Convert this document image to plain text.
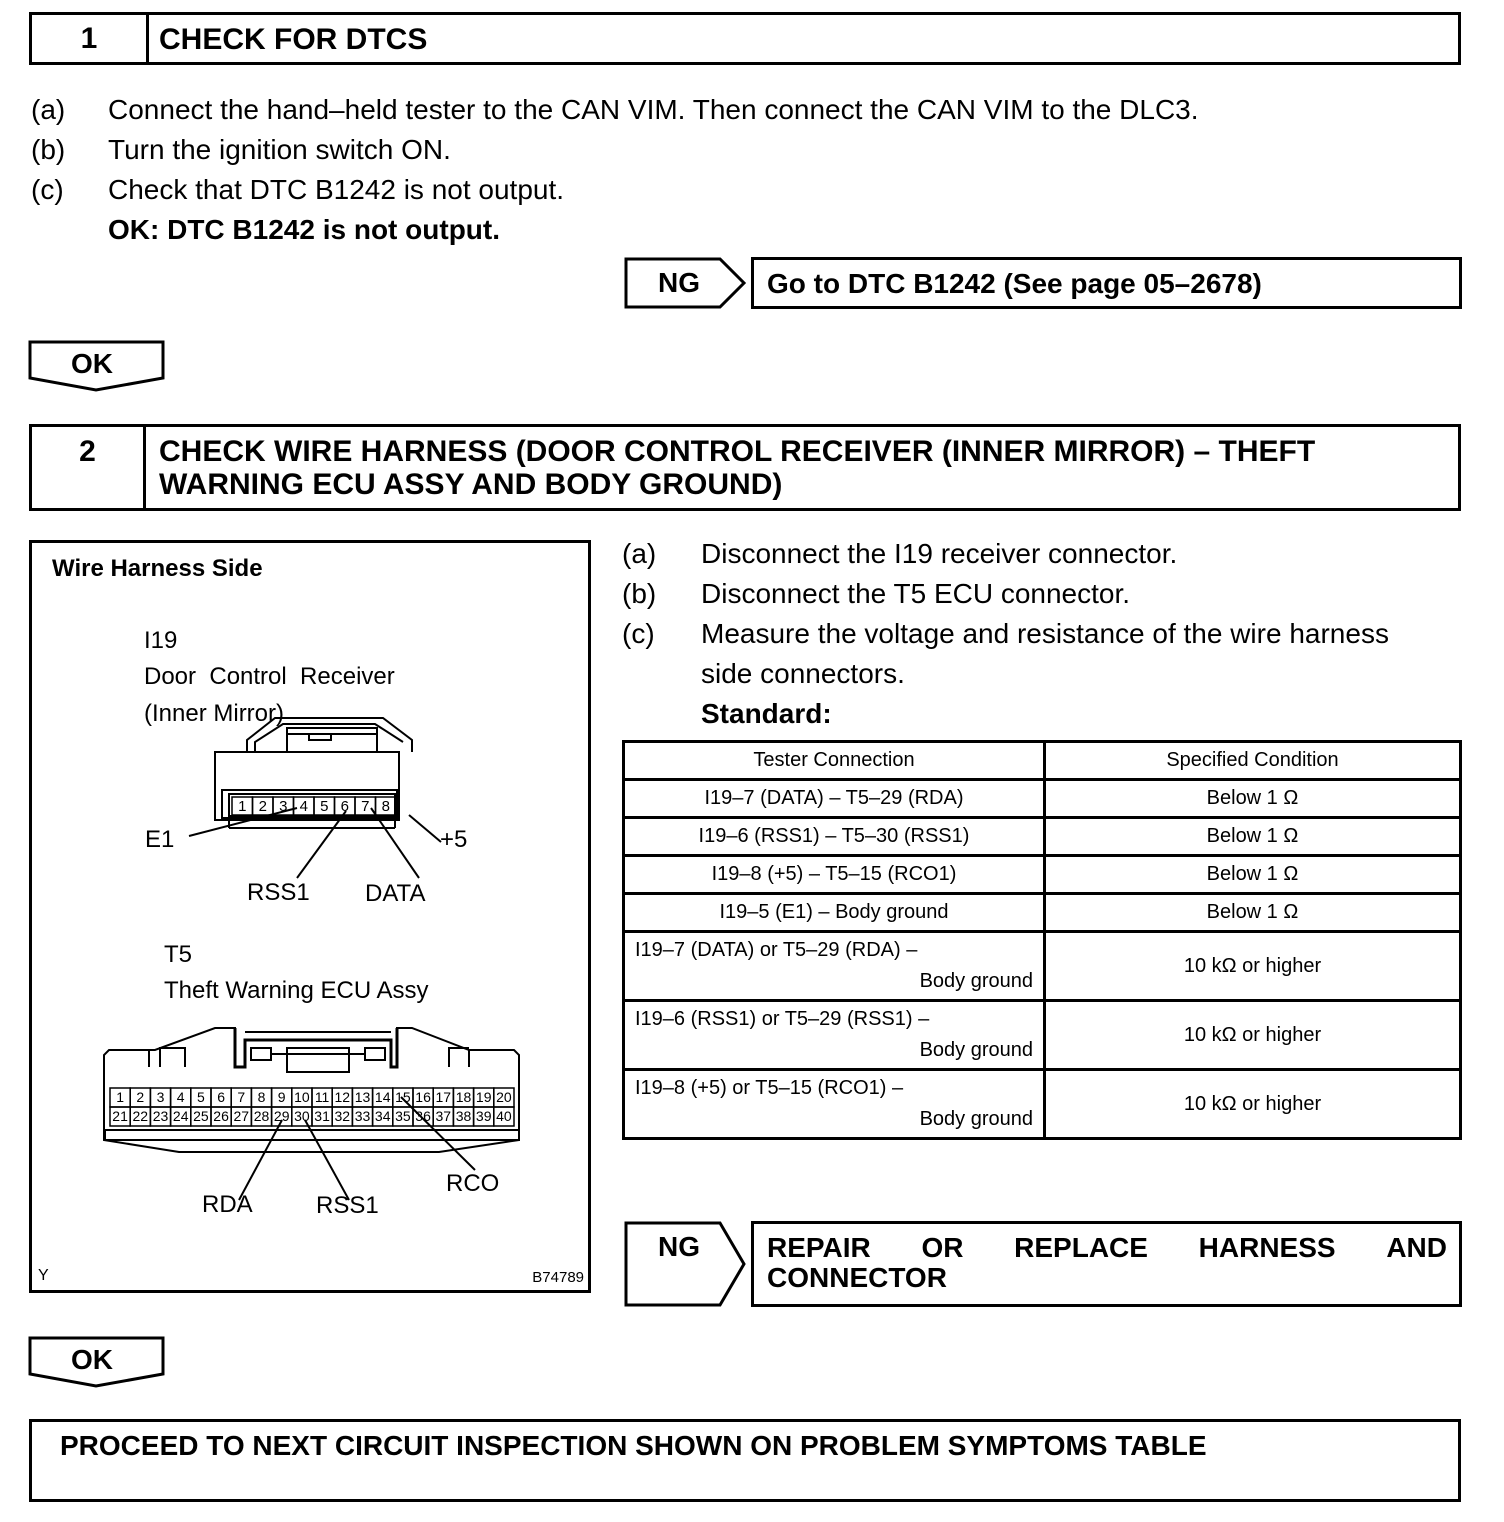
1	CHECK FOR DTCS
(a) Connect the hand–held tester to the CAN VIM. Then connect the CAN VIM to the DLC3.
(b) Turn the ignition switch ON.
(c) Check that DTC B1242 is not output.
OK: DTC B1242 is not output.
NG Go to DTC B1242 (See page 05–2678)
OK
2	CHECK WIRE HARNESS (DOOR CONTROL RECEIVER (INNER MIRROR) – THEFT
WARNING ECU ASSY AND BODY GROUND)
Wire Harness Side
I19
Door  Control  Receiver
(Inner Mirror)
1 2 3 4 5 6 7 8
E1	+5
RSS1 DATA
T5
Theft Warning ECU Assy
1 2 3 4 5 6 7 8 9 10 11 12 13 14 15 16 17 18 19 20
21 22 23 24 25 26 27 28 29 30 31 32 33 34 35 36 37 38 39 40
RDA	RSS1
RCO
Y	B74789
(a) Disconnect the I19 receiver connector.
(b) Disconnect the T5 ECU connector.
(c) Measure the voltage and resistance of the wire harness
side connectors.
Standard:
Tester Connection	Specified Condition
I19–7 (DATA) – T5–29 (RDA)	Below 1 Ω
I19–6 (RSS1) – T5–30 (RSS1)	Below 1 Ω
I19–8 (+5) – T5–15 (RCO1)	Below 1 Ω
I19–5 (E1) – Body ground	Below 1 Ω

I19–7 (DATA) or T5–29 (RDA) –
Body ground	10 kΩ or higher

I19–6 (RSS1) or T5–29 (RSS1) –
Body ground	10 kΩ or higher

I19–8 (+5) or T5–15 (RCO1) –
Body ground	10 kΩ or higher
NG REPAIR OR REPLACE HARNESS AND
CONNECTOR
OK
PROCEED TO NEXT CIRCUIT INSPECTION SHOWN ON PROBLEM SYMPTOMS TABLE
